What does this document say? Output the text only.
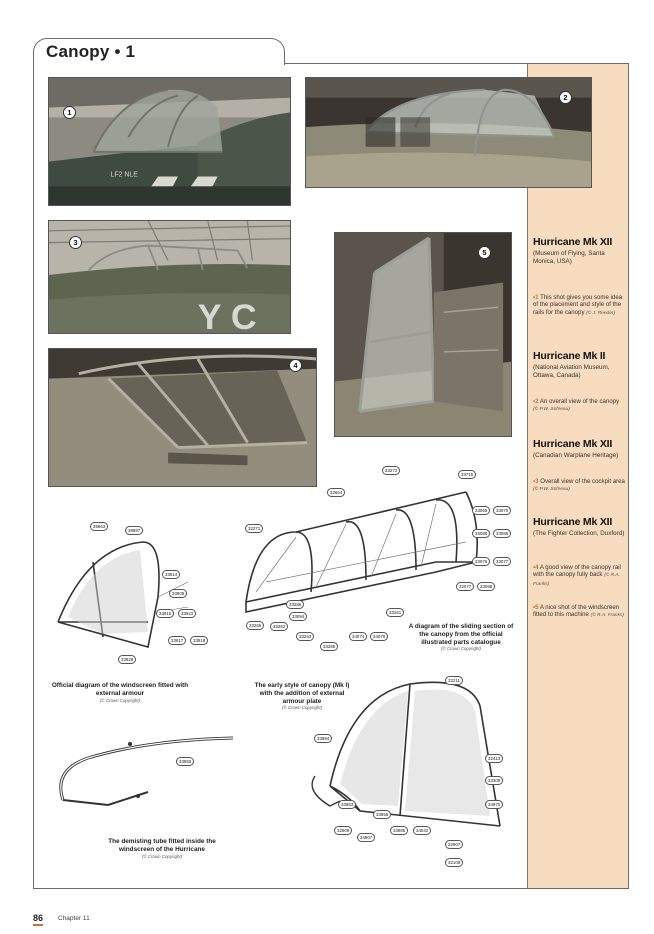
Canopy • 1
Hurricane Mk XII
(Museum of Flying, Santa Monica, USA)
•1 This shot gives you some idea of the placement and style of the rails for the canopy (© J. Reeder)
Hurricane Mk II
(National Aviation Museum, Ottawa, Canada)
•2 An overall view of the canopy (© P.W. Sofneau)
Hurricane Mk XII
(Canadian Warplane Heritage)
•3 Overall view of the cockpit area (© P.W. Sofneau)
Hurricane Mk XII
(The Fighter Collection, Duxford)
•4 A good view of the canopy rail with the canopy fully back (© R.A. Franks)
•5 A nice shot of the windscreen fitted to this machine (© R.A. Franks)
LF2 NLE
1
2
Y C
3
4
5
39663
39897
33914
33905
33916	33923
33917	33918
33928
33272
33715
32664
32271
33069	33070
33088	33086
33076	33077
32077	33088
33286
33094
33261
33265	33262
33263
33285
34074	34079
32211
33994
32413
33309
34970
33953
33955
32909
34907
33985	34042
32907
32109
33950
A diagram of the sliding section of the canopy from the official illustrated parts catalogue
(© Crown Copyright)
Official diagram of the windscreen fitted with external armour
(© Crown Copyright)
The early style of canopy (Mk I) with the addition of external armour plate
(© Crown Copyright)
The demisting tube fitted inside the windscreen of the Hurricane
(© Crown Copyright)
86 Chapter 11
